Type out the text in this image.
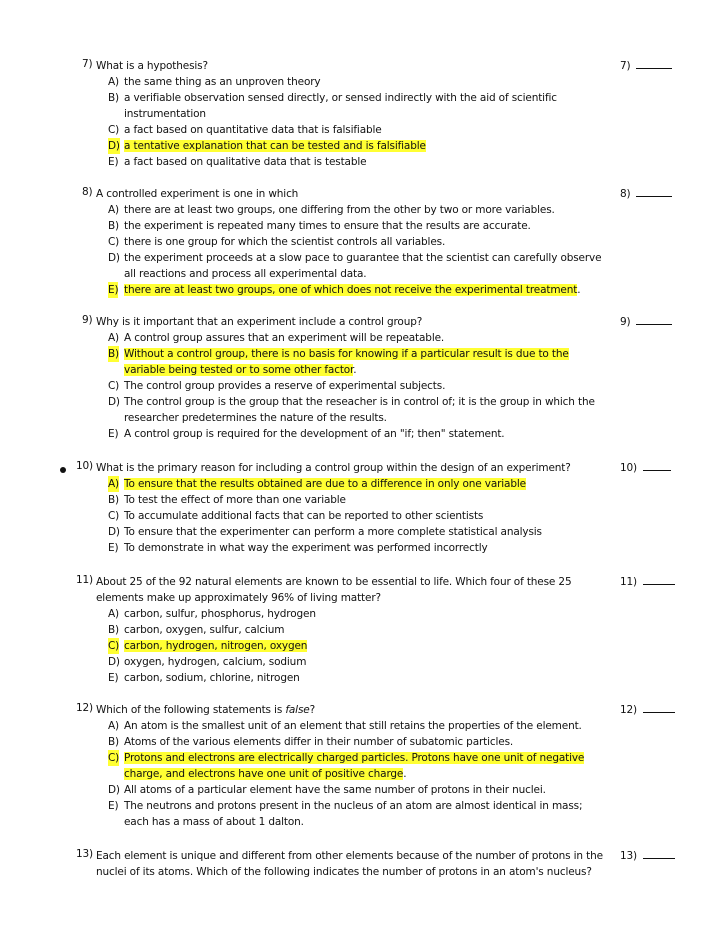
7) What is a hypothesis?	7)
A) the same thing as an unproven theory
B) a verifiable observation sensed directly, or sensed indirectly with the aid of scientific instrumentation
C) a fact based on quantitative data that is falsifiable
D) a tentative explanation that can be tested and is falsifiable
E) a fact based on qualitative data that is testable
8) A controlled experiment is one in which	8)
A) there are at least two groups, one differing from the other by two or more variables.
B) the experiment is repeated many times to ensure that the results are accurate.
C) there is one group for which the scientist controls all variables.
D) the experiment proceeds at a slow pace to guarantee that the scientist can carefully observe all reactions and process all experimental data.
E) there are at least two groups, one of which does not receive the experimental treatment.
9) Why is it important that an experiment include a control group?	9)
A) A control group assures that an experiment will be repeatable.
B) Without a control group, there is no basis for knowing if a particular result is due to the variable being tested or to some other factor.
C) The control group provides a reserve of experimental subjects.
D) The control group is the group that the reseacher is in control of; it is the group in which the researcher predetermines the nature of the results.
E) A control group is required for the development of an "if; then" statement.
10) What is the primary reason for including a control group within the design of an experiment?	10)
A) To ensure that the results obtained are due to a difference in only one variable
B) To test the effect of more than one variable
C) To accumulate additional facts that can be reported to other scientists
D) To ensure that the experimenter can perform a more complete statistical analysis
E) To demonstrate in what way the experiment was performed incorrectly
11) About 25 of the 92 natural elements are known to be essential to life. Which four of these 25 elements make up approximately 96% of living matter?
11)
A) carbon, sulfur, phosphorus, hydrogen
B) carbon, oxygen, sulfur, calcium
C) carbon, hydrogen, nitrogen, oxygen
D) oxygen, hydrogen, calcium, sodium
E) carbon, sodium, chlorine, nitrogen
12) Which of the following statements is false?	12)
A) An atom is the smallest unit of an element that still retains the properties of the element.
B) Atoms of the various elements differ in their number of subatomic particles.
C) Protons and electrons are electrically charged particles. Protons have one unit of negative charge, and electrons have one unit of positive charge.
D) All atoms of a particular element have the same number of protons in their nuclei.
E) The neutrons and protons present in the nucleus of an atom are almost identical in mass; each has a mass of about 1 dalton.
13) Each element is unique and different from other elements because of the number of protons in the nuclei of its atoms. Which of the following indicates the number of protons in an atom's nucleus?
13)
